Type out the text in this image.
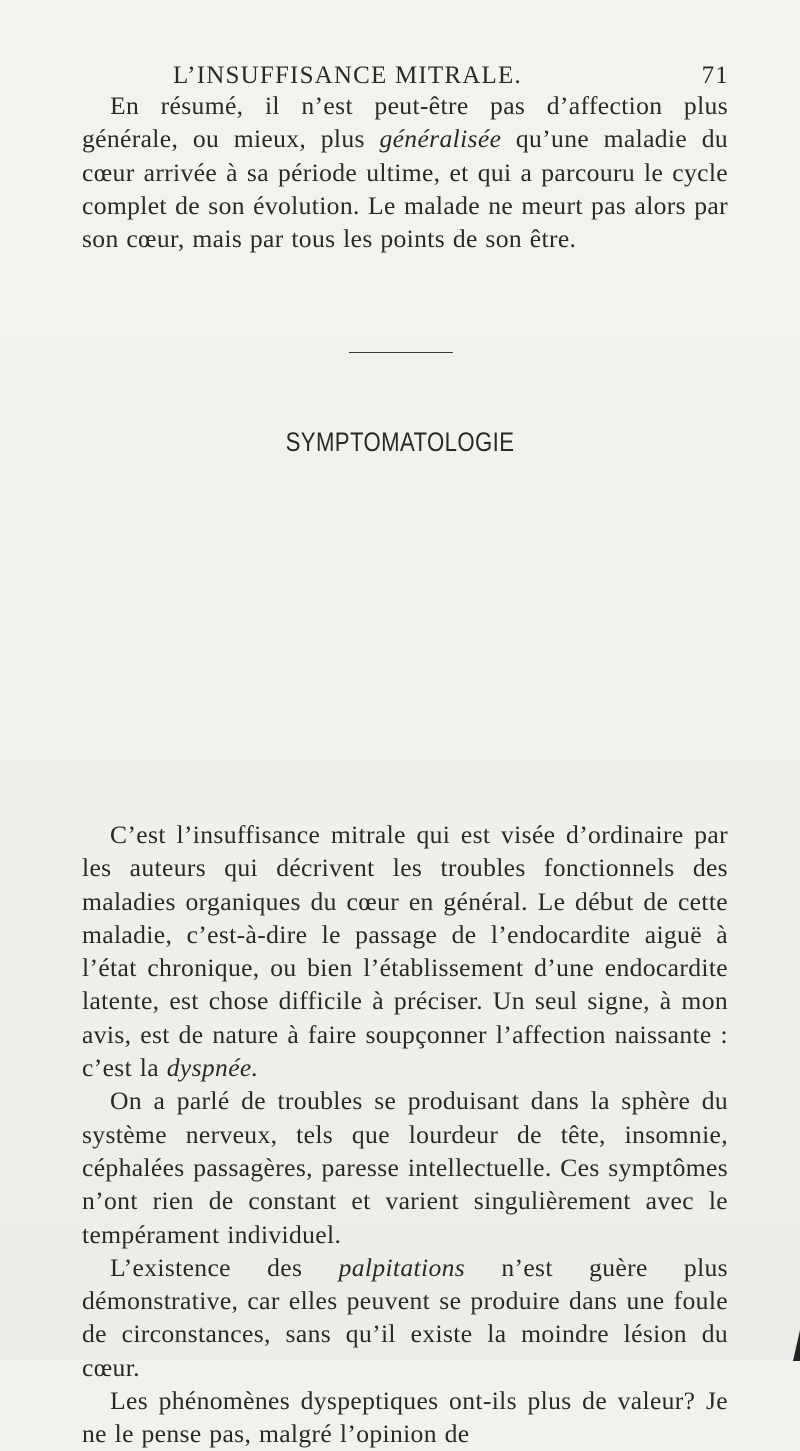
L’INSUFFISANCE MITRALE.	71

En résumé, il n’est peut-être pas d’affection plus générale, ou mieux, plus généralisée qu’une maladie du cœur arrivée à sa période ultime, et qui a parcouru le cycle complet de son évolution. Le malade ne meurt pas alors par son cœur, mais par tous les points de son être.

SYMPTOMATOLOGIE

C’est l’insuffisance mitrale qui est visée d’ordinaire par les auteurs qui décrivent les troubles fonctionnels des maladies organiques du cœur en général. Le début de cette maladie, c’est-à-dire le passage de l’endocardite aiguë à l’état chronique, ou bien l’établissement d’une endocardite latente, est chose difficile à préciser. Un seul signe, à mon avis, est de nature à faire soupçonner l’affection naissante : c’est la dyspnée.

On a parlé de troubles se produisant dans la sphère du système nerveux, tels que lourdeur de tête, insomnie, céphalées passagères, paresse intellectuelle. Ces symptômes n’ont rien de constant et varient singulièrement avec le tempérament individuel.

L’existence des palpitations n’est guère plus démonstrative, car elles peuvent se produire dans une foule de circonstances, sans qu’il existe la moindre lésion du cœur.

Les phénomènes dyspeptiques ont-ils plus de valeur? Je ne le pense pas, malgré l’opinion de
